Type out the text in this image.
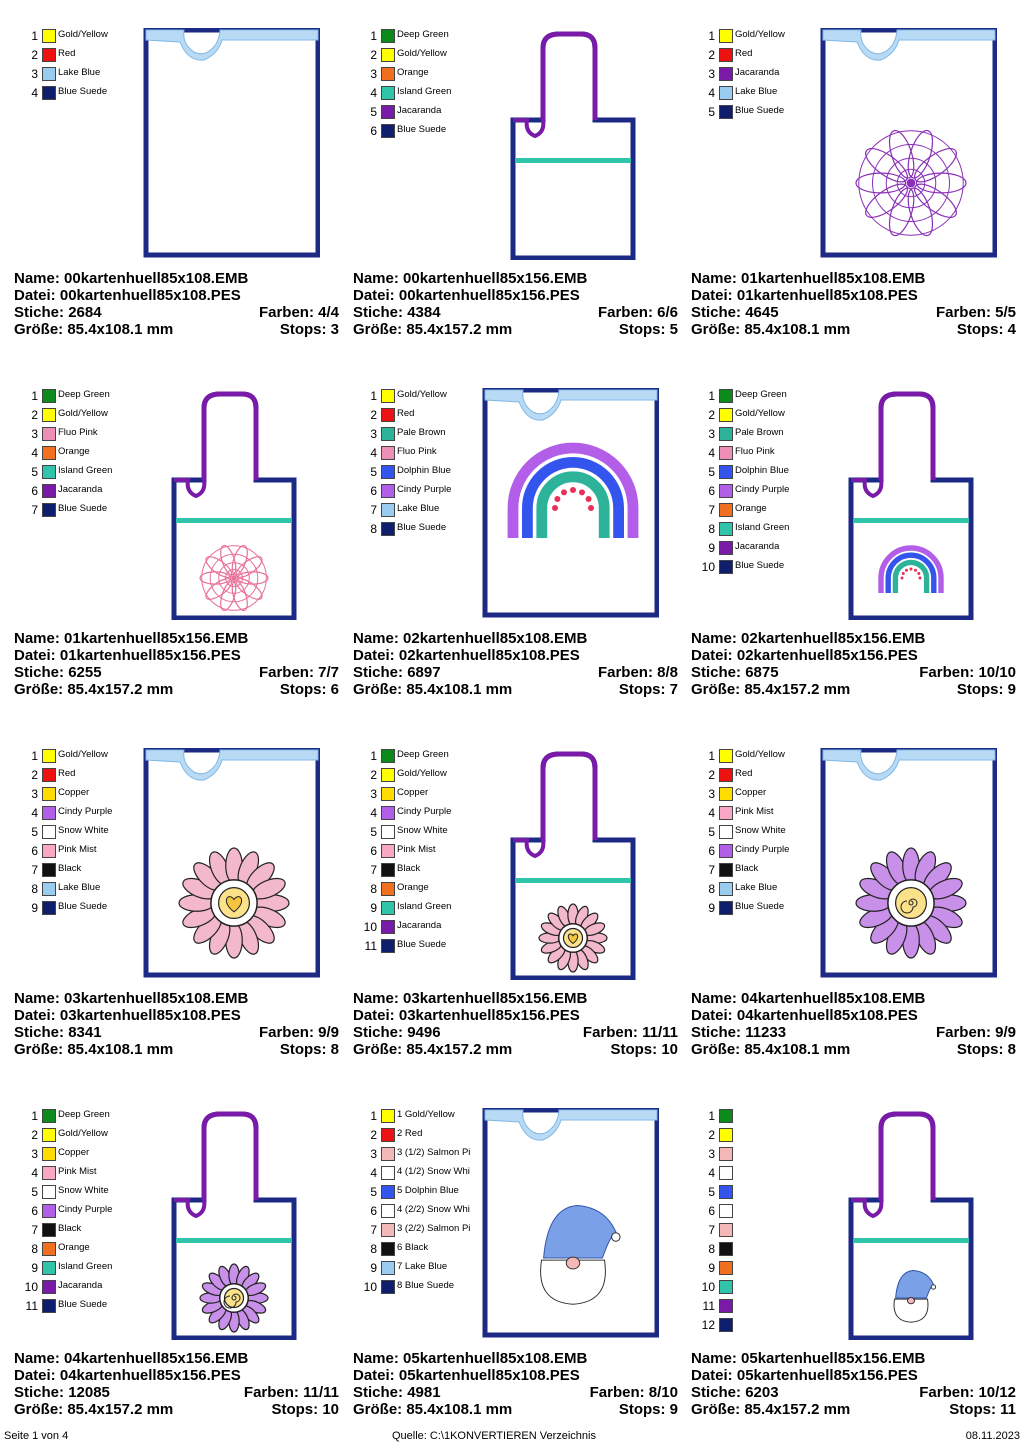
1 Gold/Yellow
2 Red
3 Lake Blue
4 Blue Suede
Name: 00kartenhuell85x108.EMB
Datei: 00kartenhuell85x108.PES
Stiche: 2684	Farben: 4/4
Größe: 85.4x108.1 mm	Stops: 3
1 Deep Green
2 Gold/Yellow
3 Orange
4 Island Green
5 Jacaranda
6 Blue Suede
Name: 00kartenhuell85x156.EMB
Datei: 00kartenhuell85x156.PES
Stiche: 4384	Farben: 6/6
Größe: 85.4x157.2 mm	Stops: 5
1 Gold/Yellow
2 Red
3 Jacaranda
4 Lake Blue
5 Blue Suede
Name: 01kartenhuell85x108.EMB
Datei: 01kartenhuell85x108.PES
Stiche: 4645	Farben: 5/5
Größe: 85.4x108.1 mm	Stops: 4
1 Deep Green
2 Gold/Yellow
3 Fluo Pink
4 Orange
5 Island Green
6 Jacaranda
7 Blue Suede
Name: 01kartenhuell85x156.EMB
Datei: 01kartenhuell85x156.PES
Stiche: 6255	Farben: 7/7
Größe: 85.4x157.2 mm	Stops: 6
1 Gold/Yellow
2 Red
3 Pale Brown
4 Fluo Pink
5 Dolphin Blue
6 Cindy Purple
7 Lake Blue
8 Blue Suede
Name: 02kartenhuell85x108.EMB
Datei: 02kartenhuell85x108.PES
Stiche: 6897	Farben: 8/8
Größe: 85.4x108.1 mm	Stops: 7
1 Deep Green
2 Gold/Yellow
3 Pale Brown
4 Fluo Pink
5 Dolphin Blue
6 Cindy Purple
7 Orange
8 Island Green
9 Jacaranda
10 Blue Suede
Name: 02kartenhuell85x156.EMB
Datei: 02kartenhuell85x156.PES
Stiche: 6875	Farben: 10/10
Größe: 85.4x157.2 mm	Stops: 9
1 Gold/Yellow
2 Red
3 Copper
4 Cindy Purple
5 Snow White
6 Pink Mist
7 Black
8 Lake Blue
9 Blue Suede
Name: 03kartenhuell85x108.EMB
Datei: 03kartenhuell85x108.PES
Stiche: 8341	Farben: 9/9
Größe: 85.4x108.1 mm	Stops: 8
1 Deep Green
2 Gold/Yellow
3 Copper
4 Cindy Purple
5 Snow White
6 Pink Mist
7 Black
8 Orange
9 Island Green
10 Jacaranda
11 Blue Suede
Name: 03kartenhuell85x156.EMB
Datei: 03kartenhuell85x156.PES
Stiche: 9496	Farben: 11/11
Größe: 85.4x157.2 mm	Stops: 10
1 Gold/Yellow
2 Red
3 Copper
4 Pink Mist
5 Snow White
6 Cindy Purple
7 Black
8 Lake Blue
9 Blue Suede
Name: 04kartenhuell85x108.EMB
Datei: 04kartenhuell85x108.PES
Stiche: 11233	Farben: 9/9
Größe: 85.4x108.1 mm	Stops: 8
1 Deep Green
2 Gold/Yellow
3 Copper
4 Pink Mist
5 Snow White
6 Cindy Purple
7 Black
8 Orange
9 Island Green
10 Jacaranda
11 Blue Suede
Name: 04kartenhuell85x156.EMB
Datei: 04kartenhuell85x156.PES
Stiche: 12085	Farben: 11/11
Größe: 85.4x157.2 mm	Stops: 10
1 1 Gold/Yellow
2 2 Red
3 3 (1/2) Salmon Pi
4 4 (1/2) Snow Whi
5 5 Dolphin Blue
6 4 (2/2) Snow Whi
7 3 (2/2) Salmon Pi
8 6 Black
9 7 Lake Blue
10 8 Blue Suede
Name: 05kartenhuell85x108.EMB
Datei: 05kartenhuell85x108.PES
Stiche: 4981	Farben: 8/10
Größe: 85.4x108.1 mm	Stops: 9
1
2
3
4
5
6
7
8
9
10
11
12
Name: 05kartenhuell85x156.EMB
Datei: 05kartenhuell85x156.PES
Stiche: 6203	Farben: 10/12
Größe: 85.4x157.2 mm	Stops: 11
Seite 1 von 4	Quelle: C:\1KONVERTIEREN Verzeichnis	08.11.2023
